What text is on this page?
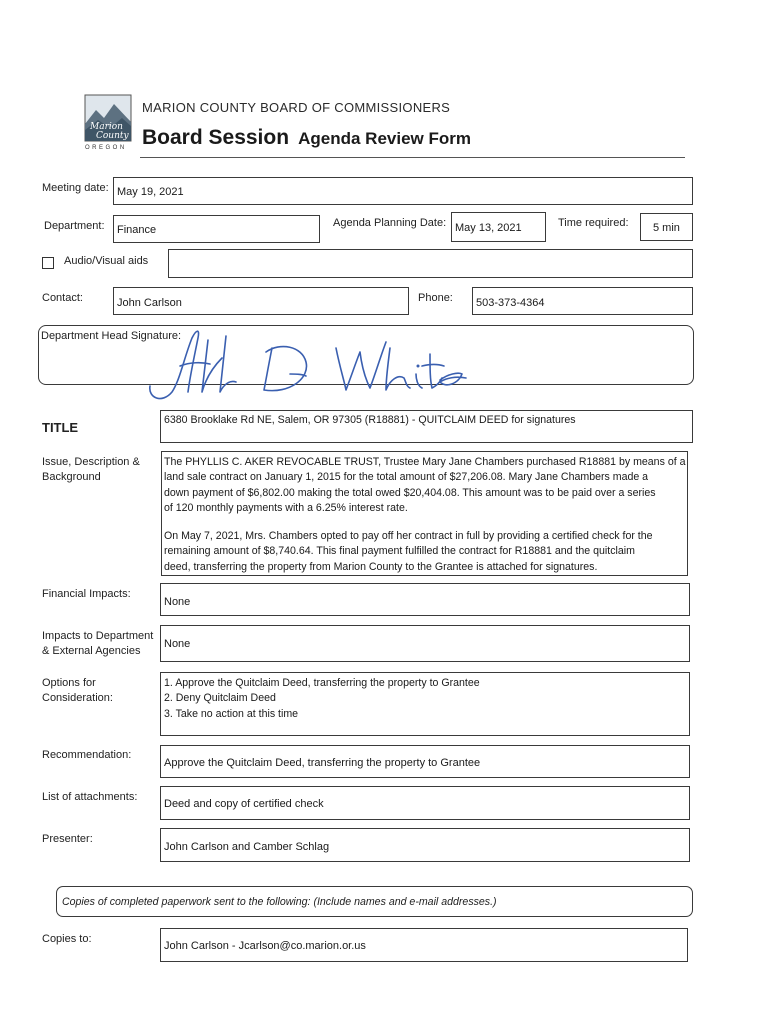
Marion
County
OREGON
MARION COUNTY BOARD OF COMMISSIONERS
Board Session Agenda Review Form
Meeting date: May 19, 2021
Department: Finance
Agenda Planning Date: May 13, 2021	Time required: 5 min
Audio/Visual aids
Contact:	John Carlson	Phone: 503-373-4364
Department Head Signature:
TITLE	6380 Brooklake Rd NE, Salem, OR 97305 (R18881) - QUITCLAIM DEED for signatures
Issue, Description &
Background
The PHYLLIS C. AKER REVOCABLE TRUST, Trustee Mary Jane Chambers purchased R18881 by means of a
land sale contract on January 1, 2015 for the total amount of $27,206.08. Mary Jane Chambers made a
down payment of $6,802.00 making the total owed $20,404.08. This amount was to be paid over a series
of 120 monthly payments with a 6.25% interest rate.
On May 7, 2021, Mrs. Chambers opted to pay off her contract in full by providing a certified check for the
remaining amount of $8,740.64. This final payment fulfilled the contract for R18881 and the quitclaim
deed, transferring the property from Marion County to the Grantee is attached for signatures.
Financial Impacts:
None
Impacts to Department
& External Agencies
None
Options for
Consideration:
1. Approve the Quitclaim Deed, transferring the property to Grantee
2. Deny Quitclaim Deed
3. Take no action at this time
Recommendation:
Approve the Quitclaim Deed, transferring the property to Grantee
List of attachments:
Deed and copy of certified check
Presenter:
John Carlson and Camber Schlag
Copies of completed paperwork sent to the following: (Include names and e-mail addresses.)
Copies to:
John Carlson - Jcarlson@co.marion.or.us
